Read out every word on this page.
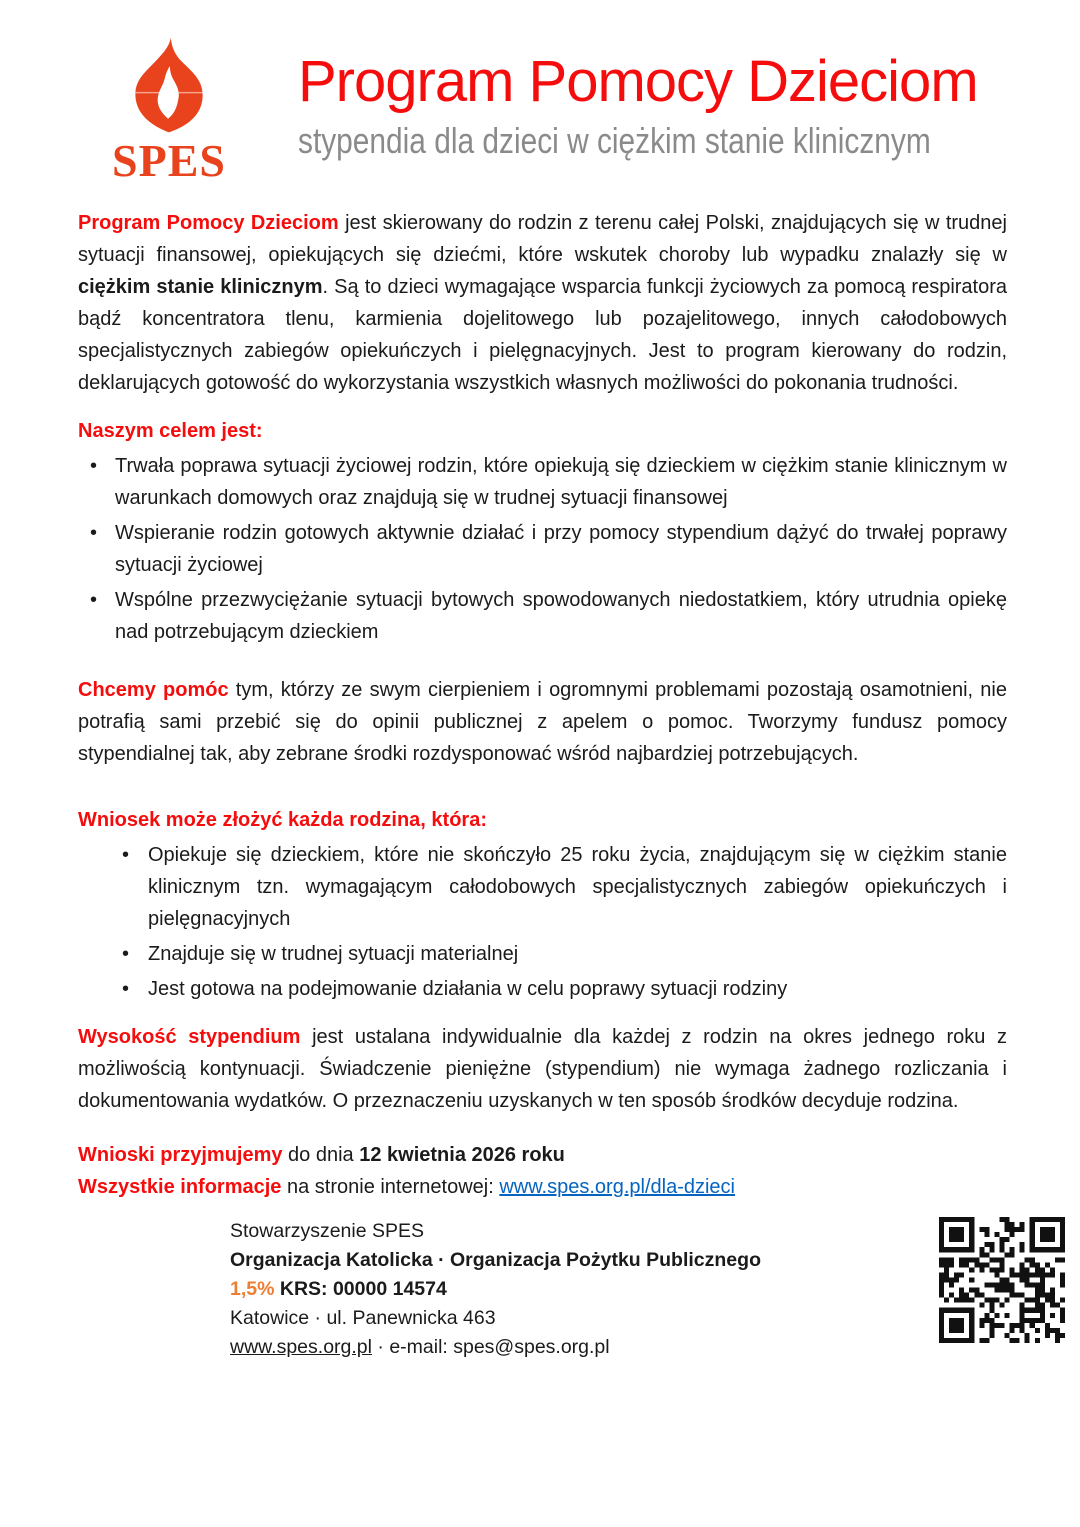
SPES
Program Pomocy Dzieciom
stypendia dla dzieci w ciężkim stanie klinicznym

Program Pomocy Dzieciom jest skierowany do rodzin z terenu całej Polski, znajdujących się w trudnej sytuacji finansowej, opiekujących się dziećmi, które wskutek choroby lub wypadku znalazły się w ciężkim stanie klinicznym. Są to dzieci wymagające wsparcia funkcji życiowych za pomocą respiratora bądź koncentratora tlenu, karmienia dojelitowego lub pozajelitowego, innych całodobowych specjalistycznych zabiegów opiekuńczych i pielęgnacyjnych. Jest to program kierowany do rodzin, deklarujących gotowość do wykorzystania wszystkich własnych możliwości do pokonania trudności.

Naszym celem jest:
• Trwała poprawa sytuacji życiowej rodzin, które opiekują się dzieckiem w ciężkim stanie klinicznym w warunkach domowych oraz znajdują się w trudnej sytuacji finansowej
• Wspieranie rodzin gotowych aktywnie działać i przy pomocy stypendium dążyć do trwałej poprawy sytuacji życiowej
• Wspólne przezwyciężanie sytuacji bytowych spowodowanych niedostatkiem, który utrudnia opiekę nad potrzebującym dzieckiem

Chcemy pomóc tym, którzy ze swym cierpieniem i ogromnymi problemami pozostają osamotnieni, nie potrafią sami przebić się do opinii publicznej z apelem o pomoc. Tworzymy fundusz pomocy stypendialnej tak, aby zebrane środki rozdysponować wśród najbardziej potrzebujących.

Wniosek może złożyć każda rodzina, która:
• Opiekuje się dzieckiem, które nie skończyło 25 roku życia, znajdującym się w ciężkim stanie klinicznym tzn. wymagającym całodobowych specjalistycznych zabiegów opiekuńczych i pielęgnacyjnych
• Znajduje się w trudnej sytuacji materialnej
• Jest gotowa na podejmowanie działania w celu poprawy sytuacji rodziny

Wysokość stypendium jest ustalana indywidualnie dla każdej z rodzin na okres jednego roku z możliwością kontynuacji. Świadczenie pieniężne (stypendium) nie wymaga żadnego rozliczania i dokumentowania wydatków. O przeznaczeniu uzyskanych w ten sposób środków decyduje rodzina.

Wnioski przyjmujemy do dnia 12 kwietnia 2026 roku
Wszystkie informacje na stronie internetowej: www.spes.org.pl/dla-dzieci
Stowarzyszenie SPES
Organizacja Katolicka · Organizacja Pożytku Publicznego
1,5% KRS: 00000 14574
Katowice · ul. Panewnicka 463
www.spes.org.pl · e-mail: spes@spes.org.pl
